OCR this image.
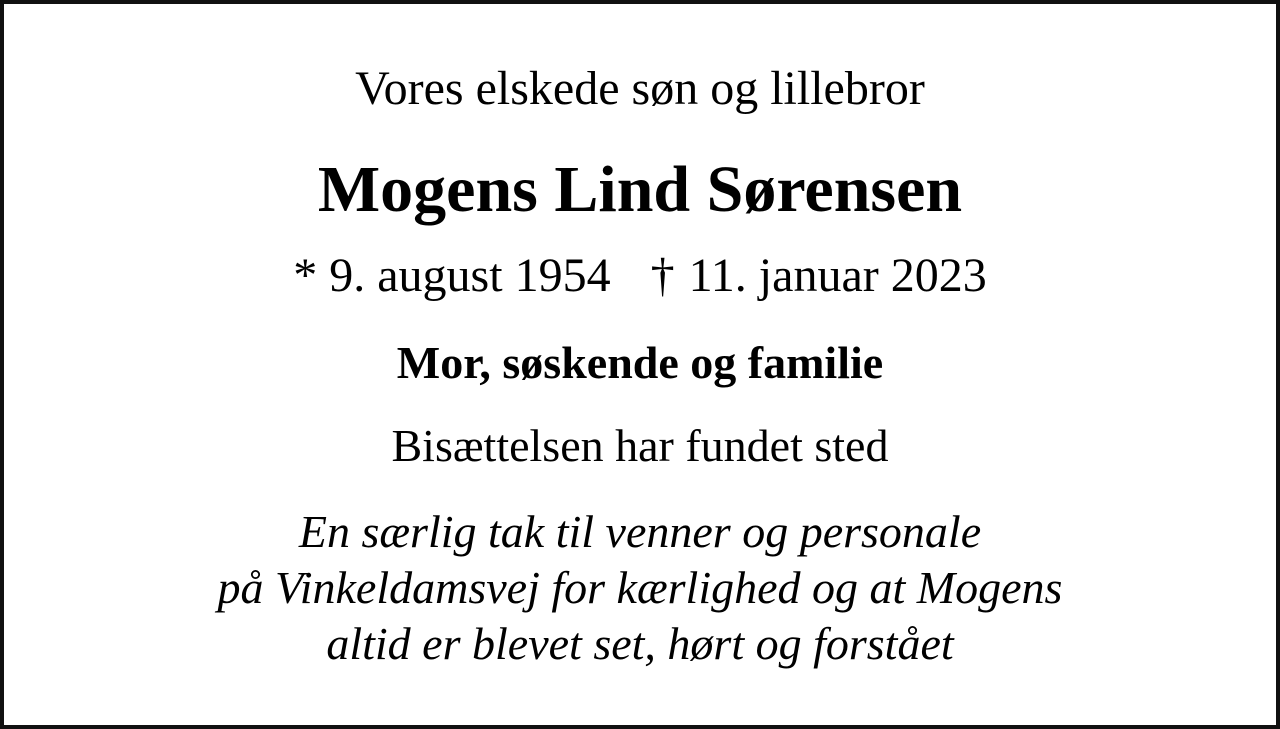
Vores elskede søn og lillebror
Mogens Lind Sørensen
* 9. august 1954 † 11. januar 2023
Mor, søskende og familie
Bisættelsen har fundet sted
En særlig tak til venner og personale
på Vinkeldamsvej for kærlighed og at Mogens
altid er blevet set, hørt og forstået
